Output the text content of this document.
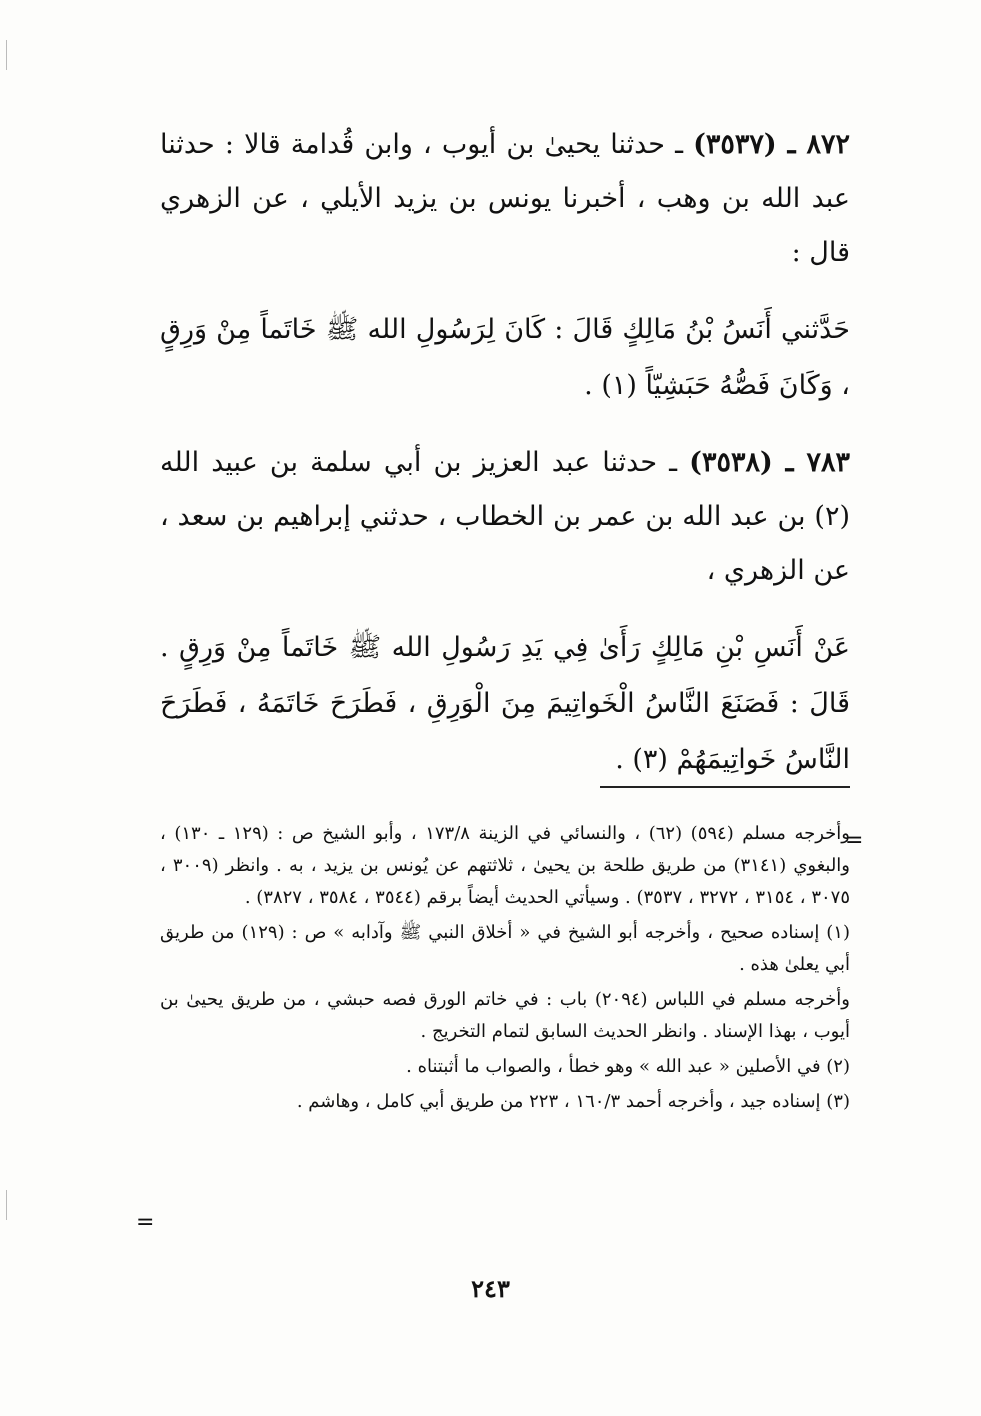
٨٧٢ ـ (٣٥٣٧) ـ حدثنا يحيىٰ بن أيوب ، وابن قُدامة قالا : حدثنا عبد الله بن وهب ، أخبرنا يونس بن يزيد الأيلي ، عن الزهري قال :

حَدَّثني أَنَسُ بْنُ مَالِكٍ قَالَ : كَانَ لِرَسُولِ الله ﷺ خَاتَماً مِنْ وَرِقٍ ، وَكَانَ فَصُّهُ حَبَشِيّاً (١) .

٧٨٣ ـ (٣٥٣٨) ـ حدثنا عبد العزيز بن أبي سلمة بن عبيد الله (٢) بن عبد الله بن عمر بن الخطاب ، حدثني إبراهيم بن سعد ، عن الزهري ،

عَنْ أَنَسِ بْنِ مَالِكٍ رَأَىٰ فِي يَدِ رَسُولِ الله ﷺ خَاتَماً مِنْ وَرِقٍ . قَالَ : فَصَنَعَ النَّاسُ الْخَواتِيمَ مِنَ الْوَرِقِ ، فَطَرَحَ خَاتَمَهُ ، فَطَرَحَ النَّاسُ خَواتِيمَهُمْ (٣) .

=

وأخرجه مسلم (٥٩٤) (٦٢) ، والنسائي في الزينة ١٧٣/٨ ، وأبو الشيخ ص : (١٢٩ ـ ١٣٠) ، والبغوي (٣١٤١) من طريق طلحة بن يحيىٰ ، ثلاثتهم عن يُونس بن يزيد ، به . وانظر (٣٠٠٩ ، ٣٠٧٥ ، ٣١٥٤ ، ٣٢٧٢ ، ٣٥٣٧) . وسيأتي الحديث أيضاً برقم (٣٥٤٤ ، ٣٥٨٤ ، ٣٨٢٧) .

(١) إسناده صحيح ، وأخرجه أبو الشيخ في « أخلاق النبي ﷺ وآدابه » ص : (١٢٩) من طريق أبي يعلىٰ هذه .

وأخرجه مسلم في اللباس (٢٠٩٤) باب : في خاتم الورق فصه حبشي ، من طريق يحيىٰ بن أيوب ، بهذا الإسناد . وانظر الحديث السابق لتمام التخريج .

(٢) في الأصلين « عبد الله » وهو خطأ ، والصواب ما أثبتناه .

(٣) إسناده جيد ، وأخرجه أحمد ١٦٠/٣ ، ٢٢٣ من طريق أبي كامل ، وهاشم .

=
٢٤٣
